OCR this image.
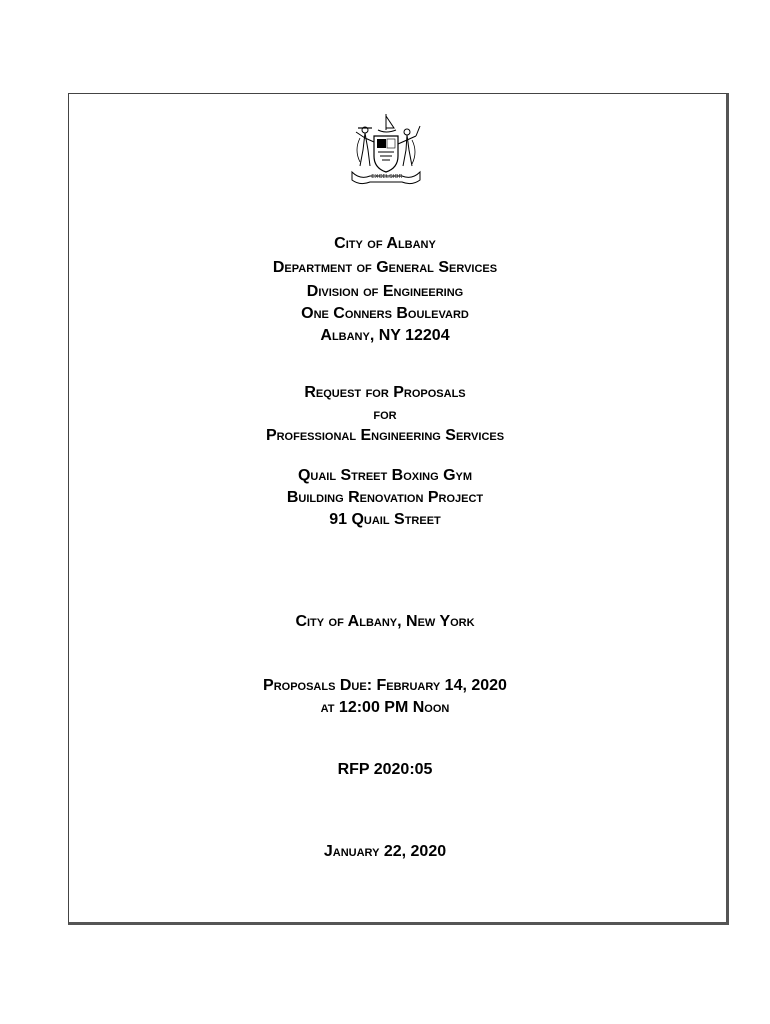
EXCELSIOR
City of Albany
Department of General Services
Division of Engineering
One Conners Boulevard
Albany, NY 12204
Request for Proposals
for
Professional Engineering Services
Quail Street Boxing Gym
Building Renovation Project
91 Quail Street
City of Albany, New York
Proposals Due: February 14, 2020
at 12:00 PM Noon
RFP 2020:05
January 22, 2020
